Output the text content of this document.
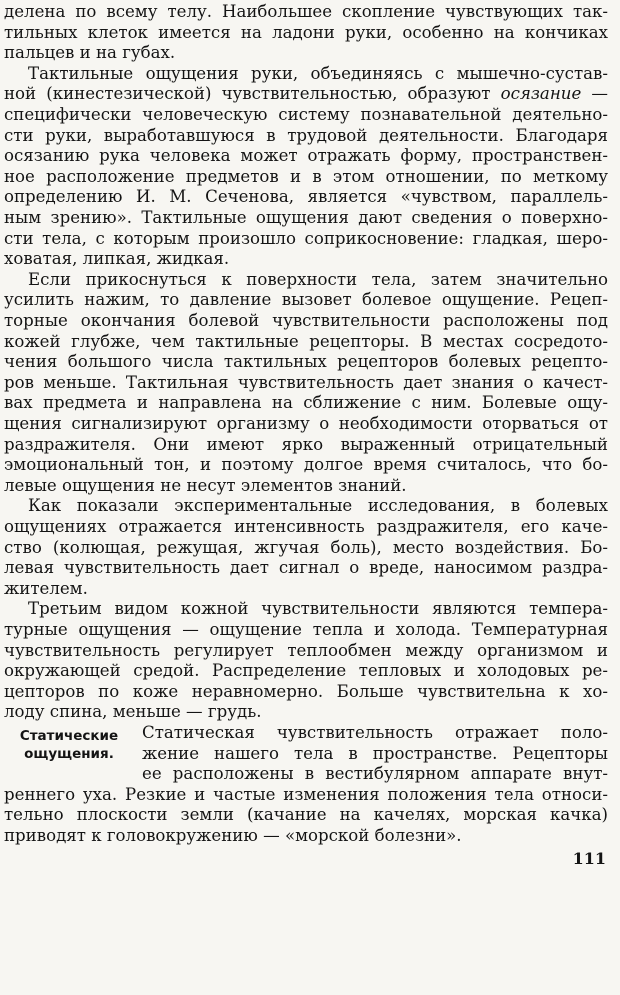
делена по всему телу. Наибольшее скопление чувствующих так-
тильных клеток имеется на ладони руки, особенно на кончиках
пальцев и на губах.
Тактильные ощущения руки, объединяясь с мышечно-сустав-
ной (кинестезической) чувствительностью, образуют осязание —
специфически человеческую систему познавательной деятельно-
сти руки, выработавшуюся в трудовой деятельности. Благодаря
осязанию рука человека может отражать форму, пространствен-
ное расположение предметов и в этом отношении, по меткому
определению И. М. Сеченова, является «чувством, параллель-
ным зрению». Тактильные ощущения дают сведения о поверхно-
сти тела, с которым произошло соприкосновение: гладкая, шеро-
ховатая, липкая, жидкая.
Если прикоснуться к поверхности тела, затем значительно
усилить нажим, то давление вызовет болевое ощущение. Рецеп-
торные окончания болевой чувствительности расположены под
кожей глубже, чем тактильные рецепторы. В местах сосредото-
чения большого числа тактильных рецепторов болевых рецепто-
ров меньше. Тактильная чувствительность дает знания о качест-
вах предмета и направлена на сближение с ним. Болевые ощу-
щения сигнализируют организму о необходимости оторваться от
раздражителя. Они имеют ярко выраженный отрицательный
эмоциональный тон, и поэтому долгое время считалось, что бо-
левые ощущения не несут элементов знаний.
Как показали экспериментальные исследования, в болевых
ощущениях отражается интенсивность раздражителя, его каче-
ство (колющая, режущая, жгучая боль), место воздействия. Бо-
левая чувствительность дает сигнал о вреде, наносимом раздра-
жителем.
Третьим видом кожной чувствительности являются темпера-
турные ощущения — ощущение тепла и холода. Температурная
чувствительность регулирует теплообмен между организмом и
окружающей средой. Распределение тепловых и холодовых ре-
цепторов по коже неравномерно. Больше чувствительна к хо-
лоду спина, меньше — грудь.
Статические
ощущения.
Статическая чувствительность отражает поло-
жение нашего тела в пространстве. Рецепторы
ее расположены в вестибулярном аппарате внут-
реннего уха. Резкие и частые изменения положения тела относи-
тельно плоскости земли (качание на качелях, морская качка)
приводят к головокружению — «морской болезни».
111
